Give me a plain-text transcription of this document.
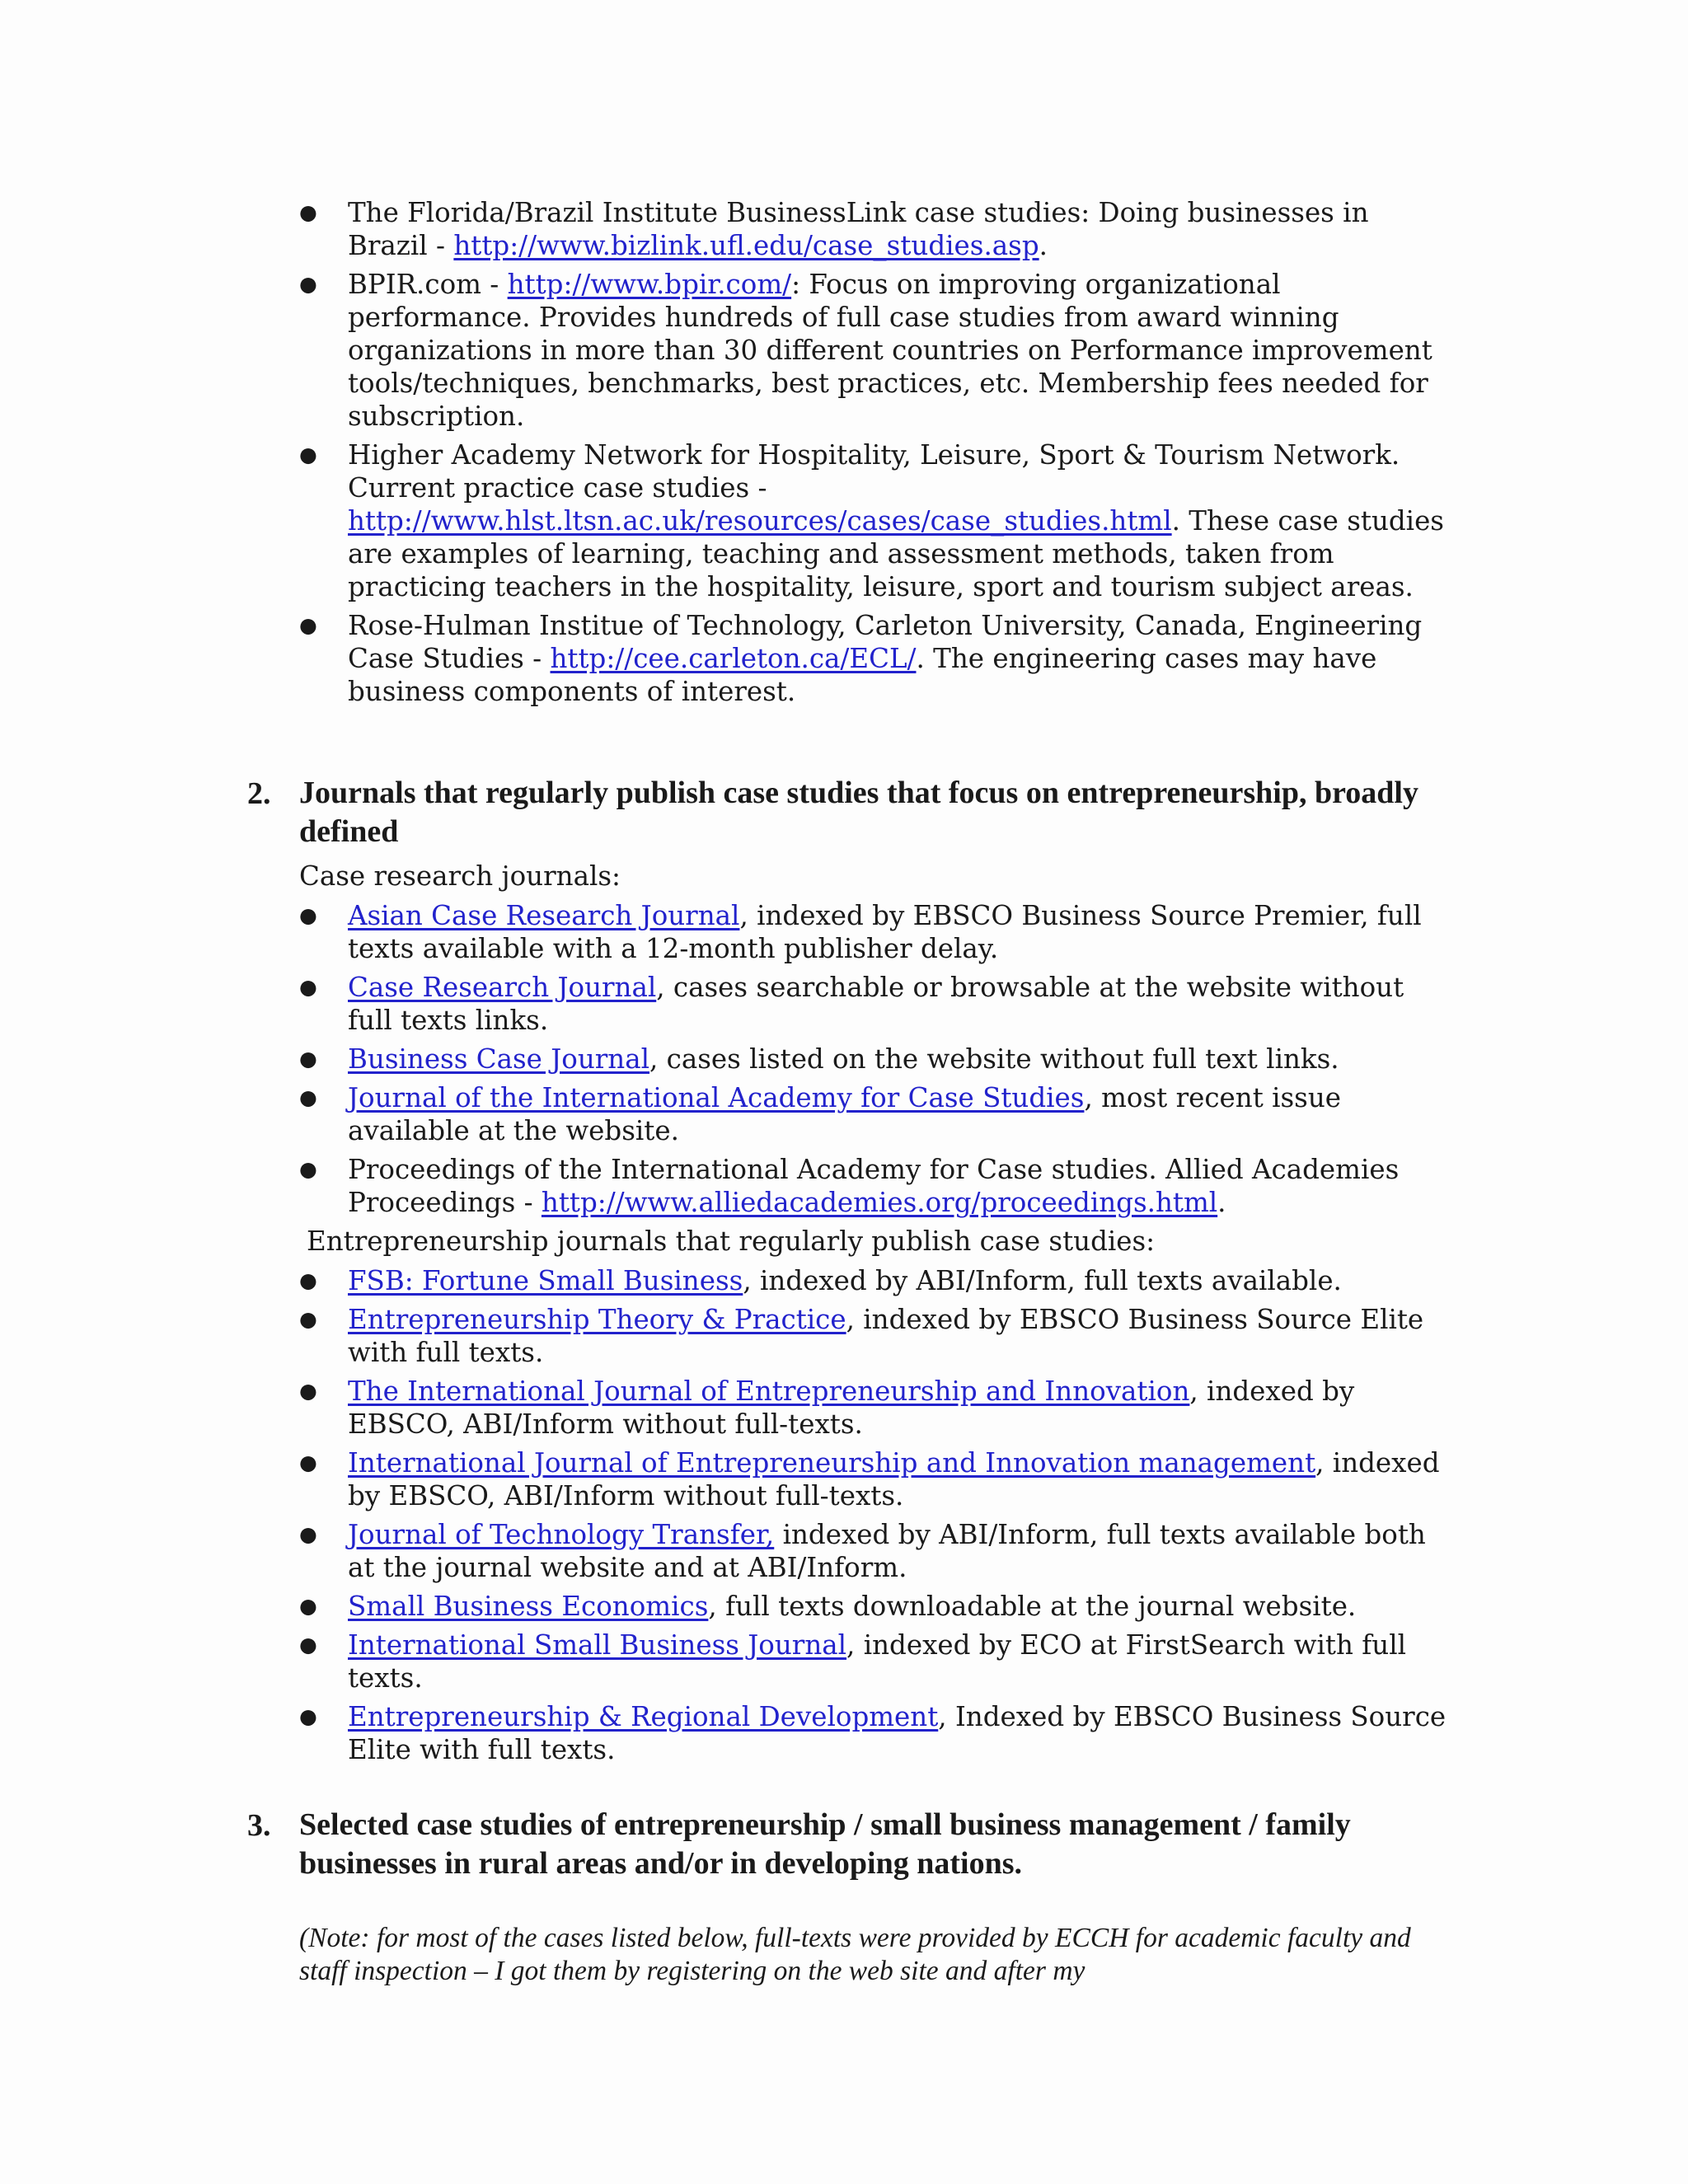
● The Florida/Brazil Institute BusinessLink case studies: Doing businesses in Brazil - http://www.bizlink.ufl.edu/case_studies.asp.
● BPIR.com - http://www.bpir.com/: Focus on improving organizational performance. Provides hundreds of full case studies from award winning organizations in more than 30 different countries on Performance improvement tools/techniques, benchmarks, best practices, etc. Membership fees needed for subscription.
● Higher Academy Network for Hospitality, Leisure, Sport & Tourism Network. Current practice case studies - http://www.hlst.ltsn.ac.uk/resources/cases/case_studies.html. These case studies are examples of learning, teaching and assessment methods, taken from practicing teachers in the hospitality, leisure, sport and tourism subject areas.
● Rose-Hulman Institue of Technology, Carleton University, Canada, Engineering Case Studies - http://cee.carleton.ca/ECL/. The engineering cases may have business components of interest.
2. Journals that regularly publish case studies that focus on entrepreneurship, broadly defined
Case research journals:
● Asian Case Research Journal, indexed by EBSCO Business Source Premier, full texts available with a 12-month publisher delay.
● Case Research Journal, cases searchable or browsable at the website without full texts links.
● Business Case Journal, cases listed on the website without full text links.
● Journal of the International Academy for Case Studies, most recent issue available at the website.
● Proceedings of the International Academy for Case studies. Allied Academies Proceedings - http://www.alliedacademies.org/proceedings.html.
Entrepreneurship journals that regularly publish case studies:
● FSB: Fortune Small Business, indexed by ABI/Inform, full texts available.
● Entrepreneurship Theory & Practice, indexed by EBSCO Business Source Elite with full texts.
● The International Journal of Entrepreneurship and Innovation, indexed by EBSCO, ABI/Inform without full-texts.
● International Journal of Entrepreneurship and Innovation management, indexed by EBSCO, ABI/Inform without full-texts.
● Journal of Technology Transfer, indexed by ABI/Inform, full texts available both at the journal website and at ABI/Inform.
● Small Business Economics, full texts downloadable at the journal website.
● International Small Business Journal, indexed by ECO at FirstSearch with full texts.
● Entrepreneurship & Regional Development, Indexed by EBSCO Business Source Elite with full texts.
3. Selected case studies of entrepreneurship / small business management / family businesses in rural areas and/or in developing nations.

(Note: for most of the cases listed below, full-texts were provided by ECCH for academic faculty and staff inspection – I got them by registering on the web site and after my
